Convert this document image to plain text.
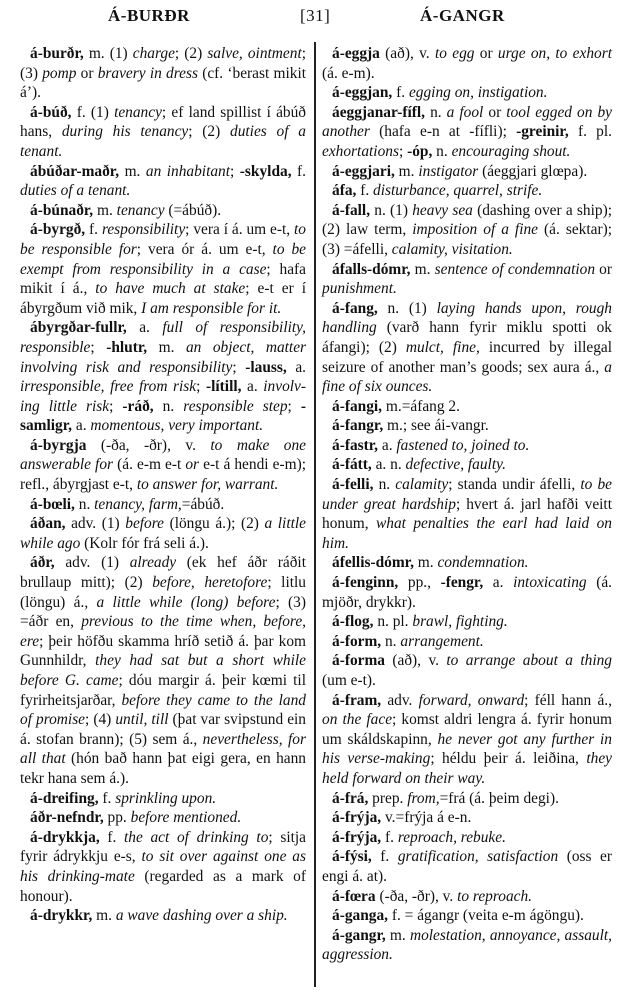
Á-BURÐR	[31]	Á-GANGR

á-burðr, m. (1) charge; (2) salve, ointment; (3) pomp or bravery in dress (cf. ‘berast mikit á’).

á-búð, f. (1) tenancy; ef land spillist í ábúð hans, during his tenancy; (2) duties of a tenant.

ábúðar-maðr, m. an inhabitant; -skylda, f. duties of a tenant.

á-búnaðr, m. tenancy (=ábúð).

á-byrgð, f. responsibility; vera í á. um e-t, to be responsible for; vera ór á. um e-t, to be exempt from responsibility in a case; hafa mikit í á., to have much at stake; e-t er í ábyrgðum við mik, I am responsible for it.

ábyrgðar-fullr, a. full of responsibility, responsible; -hlutr, m. an object, matter involving risk and responsibility; -lauss, a. irresponsible, free from risk; -lítill, a. involving little risk; -ráð, n. responsible step; -samligr, a. momentous, very important.

á-byrgja (-ða, -ðr), v. to make one answerable for (á. e-m e-t or e-t á hendi e-m); refl., ábyrgjast e-t, to answer for, warrant.

á-bœli, n. tenancy, farm,=ábúð.

áðan, adv. (1) before (löngu á.); (2) a little while ago (Kolr fór frá seli á.).

áðr, adv. (1) already (ek hef áðr ráðit brullaup mitt); (2) before, heretofore; litlu (löngu) á., a little while (long) before; (3) =áðr en, previous to the time when, before, ere; þeir höfðu skamma hríð setið á. þar kom Gunnhildr, they had sat but a short while before G. came; dóu margir á. þeir kœmi til fyrirheitsjarðar, before they came to the land of promise; (4) until, till (þat var svipstund ein á. stofan brann); (5) sem á., nevertheless, for all that (hón bað hann þat eigi gera, en hann tekr hana sem á.).

á-dreifing, f. sprinkling upon.

áðr-nefndr, pp. before mentioned.

á-drykkja, f. the act of drinking to; sitja fyrir ádrykkju e-s, to sit over against one as his drinking-mate (regarded as a mark of honour).

á-drykkr, m. a wave dashing over a ship.

á-eggja (að), v. to egg or urge on, to exhort (á. e-m).

á-eggjan, f. egging on, instigation.

áeggjanar-fífl, n. a fool or tool egged on by another (hafa e-n at -fífli); -greinir, f. pl. exhortations; -óp, n. encouraging shout.

á-eggjari, m. instigator (áeggjari glœpa).

áfa, f. disturbance, quarrel, strife.

á-fall, n. (1) heavy sea (dashing over a ship); (2) law term, imposition of a fine (á. sektar); (3) =áfelli, calamity, visitation.

áfalls-dómr, m. sentence of condemnation or punishment.

á-fang, n. (1) laying hands upon, rough handling (varð hann fyrir miklu spotti ok áfangi); (2) mulct, fine, incurred by illegal seizure of another man’s goods; sex aura á., a fine of six ounces.

á-fangi, m.=áfang 2.

á-fangr, m.; see ái-vangr.

á-fastr, a. fastened to, joined to.

á-fátt, a. n. defective, faulty.

á-felli, n. calamity; standa undir áfelli, to be under great hardship; hvert á. jarl hafði veitt honum, what penalties the earl had laid on him.

áfellis-dómr, m. condemnation.

á-fenginn, pp., -fengr, a. intoxicating (á. mjöðr, drykkr).

á-flog, n. pl. brawl, fighting.

á-form, n. arrangement.

á-forma (að), v. to arrange about a thing (um e-t).

á-fram, adv. forward, onward; féll hann á., on the face; komst aldri lengra á. fyrir honum um skáldskapinn, he never got any further in his verse-making; héldu þeir á. leiðina, they held forward on their way.

á-frá, prep. from,=frá (á. þeim degi).

á-frýja, v.=frýja á e-n.

á-frýja, f. reproach, rebuke.

á-fýsi, f. gratification, satisfaction (oss er engi á. at).

á-fœra (-ða, -ðr), v. to reproach.

á-ganga, f. = ágangr (veita e-m ágöngu).

á-gangr, m. molestation, annoyance, assault, aggression.
